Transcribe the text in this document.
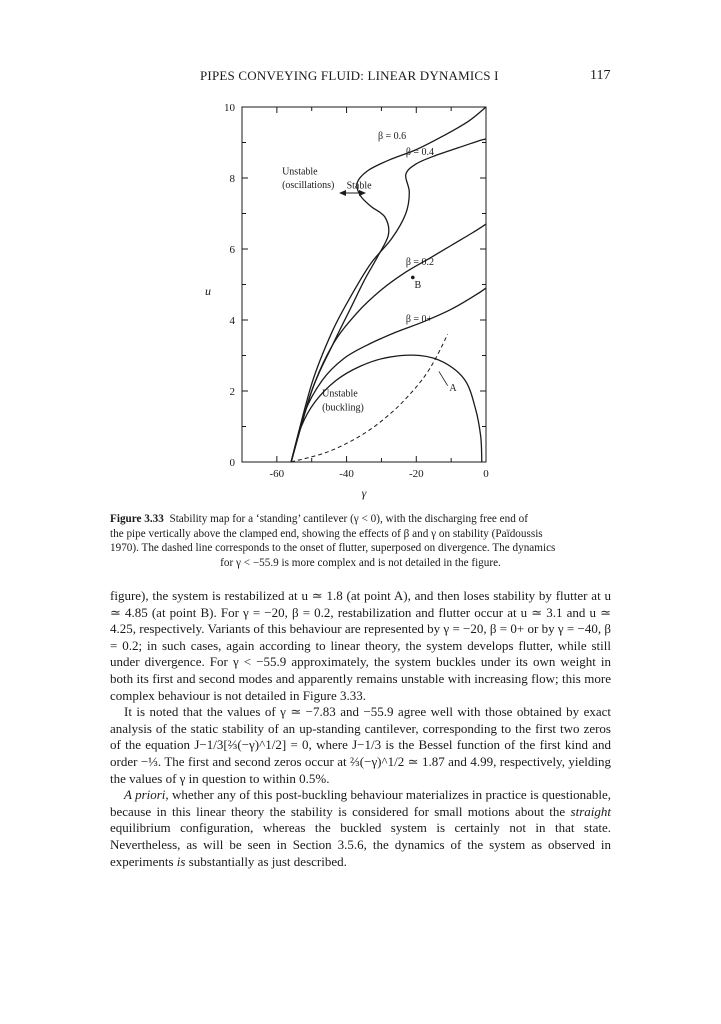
PIPES CONVEYING FLUID: LINEAR DYNAMICS I	117
0
2
4
6
8
10
-60	-40	-20	0
β = 0.6
β = 0.4
Unstable
(oscillations) Stable
β = 0.2
B
β = 0+
A
Unstable
(buckling)
u
γ
Figure 3.33 Stability map for a ‘standing’ cantilever (γ < 0), with the discharging free end of
the pipe vertically above the clamped end, showing the effects of β and γ on stability (Païdoussis
1970). The dashed line corresponds to the onset of flutter, superposed on divergence. The dynamics
for γ < −55.9 is more complex and is not detailed in the figure.

figure), the system is restabilized at u ≃ 1.8 (at point A), and then loses stability by flutter at u ≃ 4.85 (at point B). For γ = −20, β = 0.2, restabilization and flutter occur at u ≃ 3.1 and u ≃ 4.25, respectively. Variants of this behaviour are represented by γ = −20, β = 0+ or by γ = −40, β = 0.2; in such cases, again according to linear theory, the system develops flutter, while still under divergence. For γ < −55.9 approximately, the system buckles under its own weight in both its first and second modes and apparently remains unstable with increasing flow; this more complex behaviour is not detailed in Figure 3.33.

It is noted that the values of γ ≃ −7.83 and −55.9 agree well with those obtained by exact analysis of the static stability of an up-standing cantilever, corresponding to the first two zeros of the equation J−1/3[⅔(−γ)^1/2] = 0, where J−1/3 is the Bessel function of the first kind and order −⅓. The first and second zeros occur at ⅔(−γ)^1/2 ≃ 1.87 and 4.99, respectively, yielding the values of γ in question to within 0.5%.

A priori, whether any of this post-buckling behaviour materializes in practice is questionable, because in this linear theory the stability is considered for small motions about the straight equilibrium configuration, whereas the buckled system is certainly not in that state. Nevertheless, as will be seen in Section 3.5.6, the dynamics of the system as observed in experiments is substantially as just described.
